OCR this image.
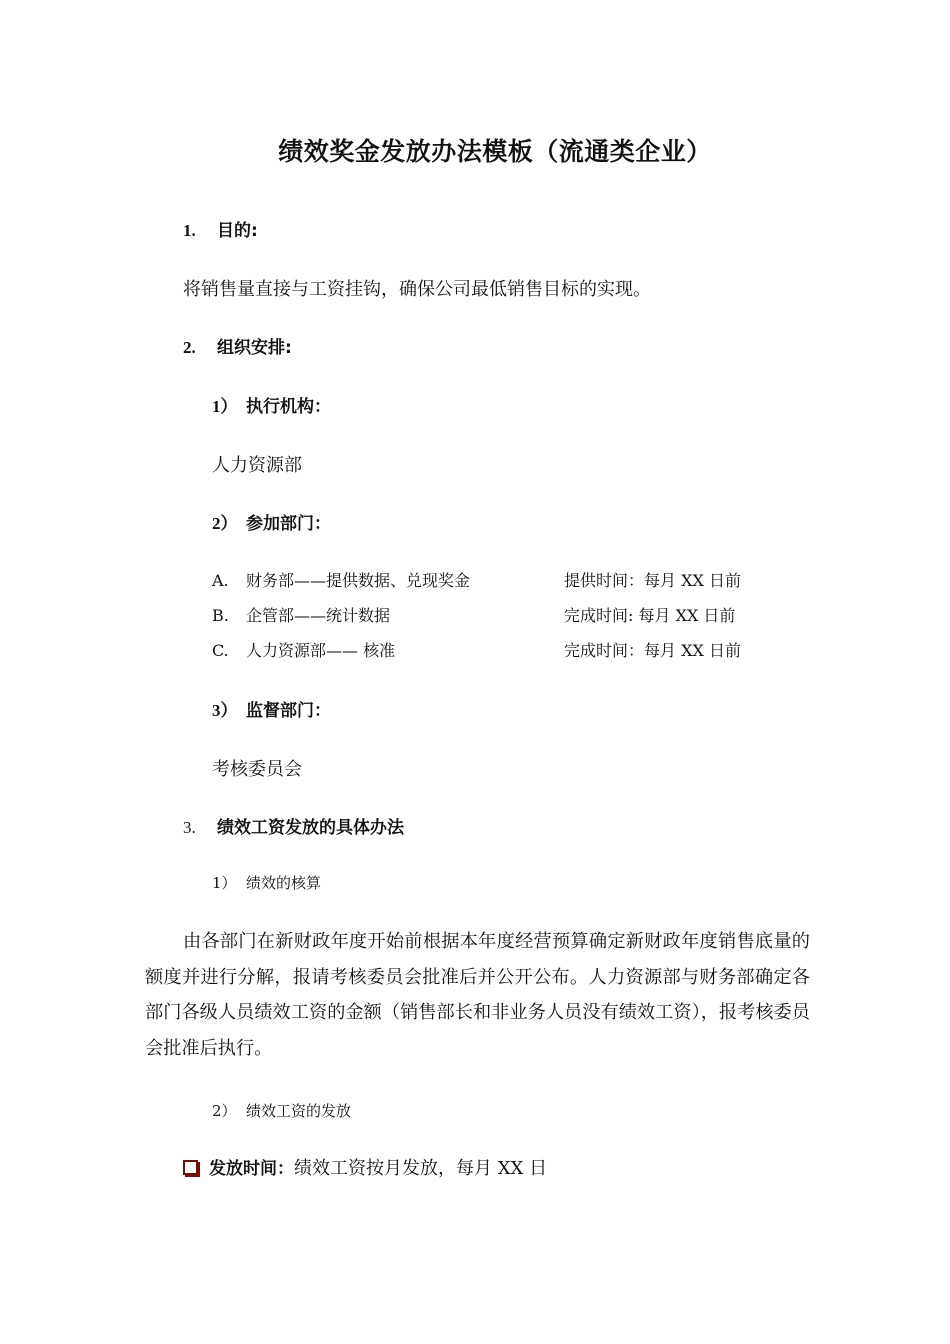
绩效奖金发放办法模板（流通类企业）
1. 目的:
将销售量直接与工资挂钩，确保公司最低销售目标的实现。
2. 组织安排:
1） 执行机构：
人力资源部
2） 参加部门：
A. 财务部——提供数据、兑现奖金	提供时间：每月 XX 日前
B. 企管部——统计数据	完成时间: 每月 XX 日前
C. 人力资源部—— 核准	完成时间：每月 XX 日前
3） 监督部门：
考核委员会
3. 绩效工资发放的具体办法
1） 绩效的核算
由各部门在新财政年度开始前根据本年度经营预算确定新财政年度销售底量的额度并进行分解，报请考核委员会批准后并公开公布。人力资源部与财务部确定各部门各级人员绩效工资的金额（销售部长和非业务人员没有绩效工资），报考核委员会批准后执行。
2） 绩效工资的发放
发放时间：绩效工资按月发放，每月 XX 日
